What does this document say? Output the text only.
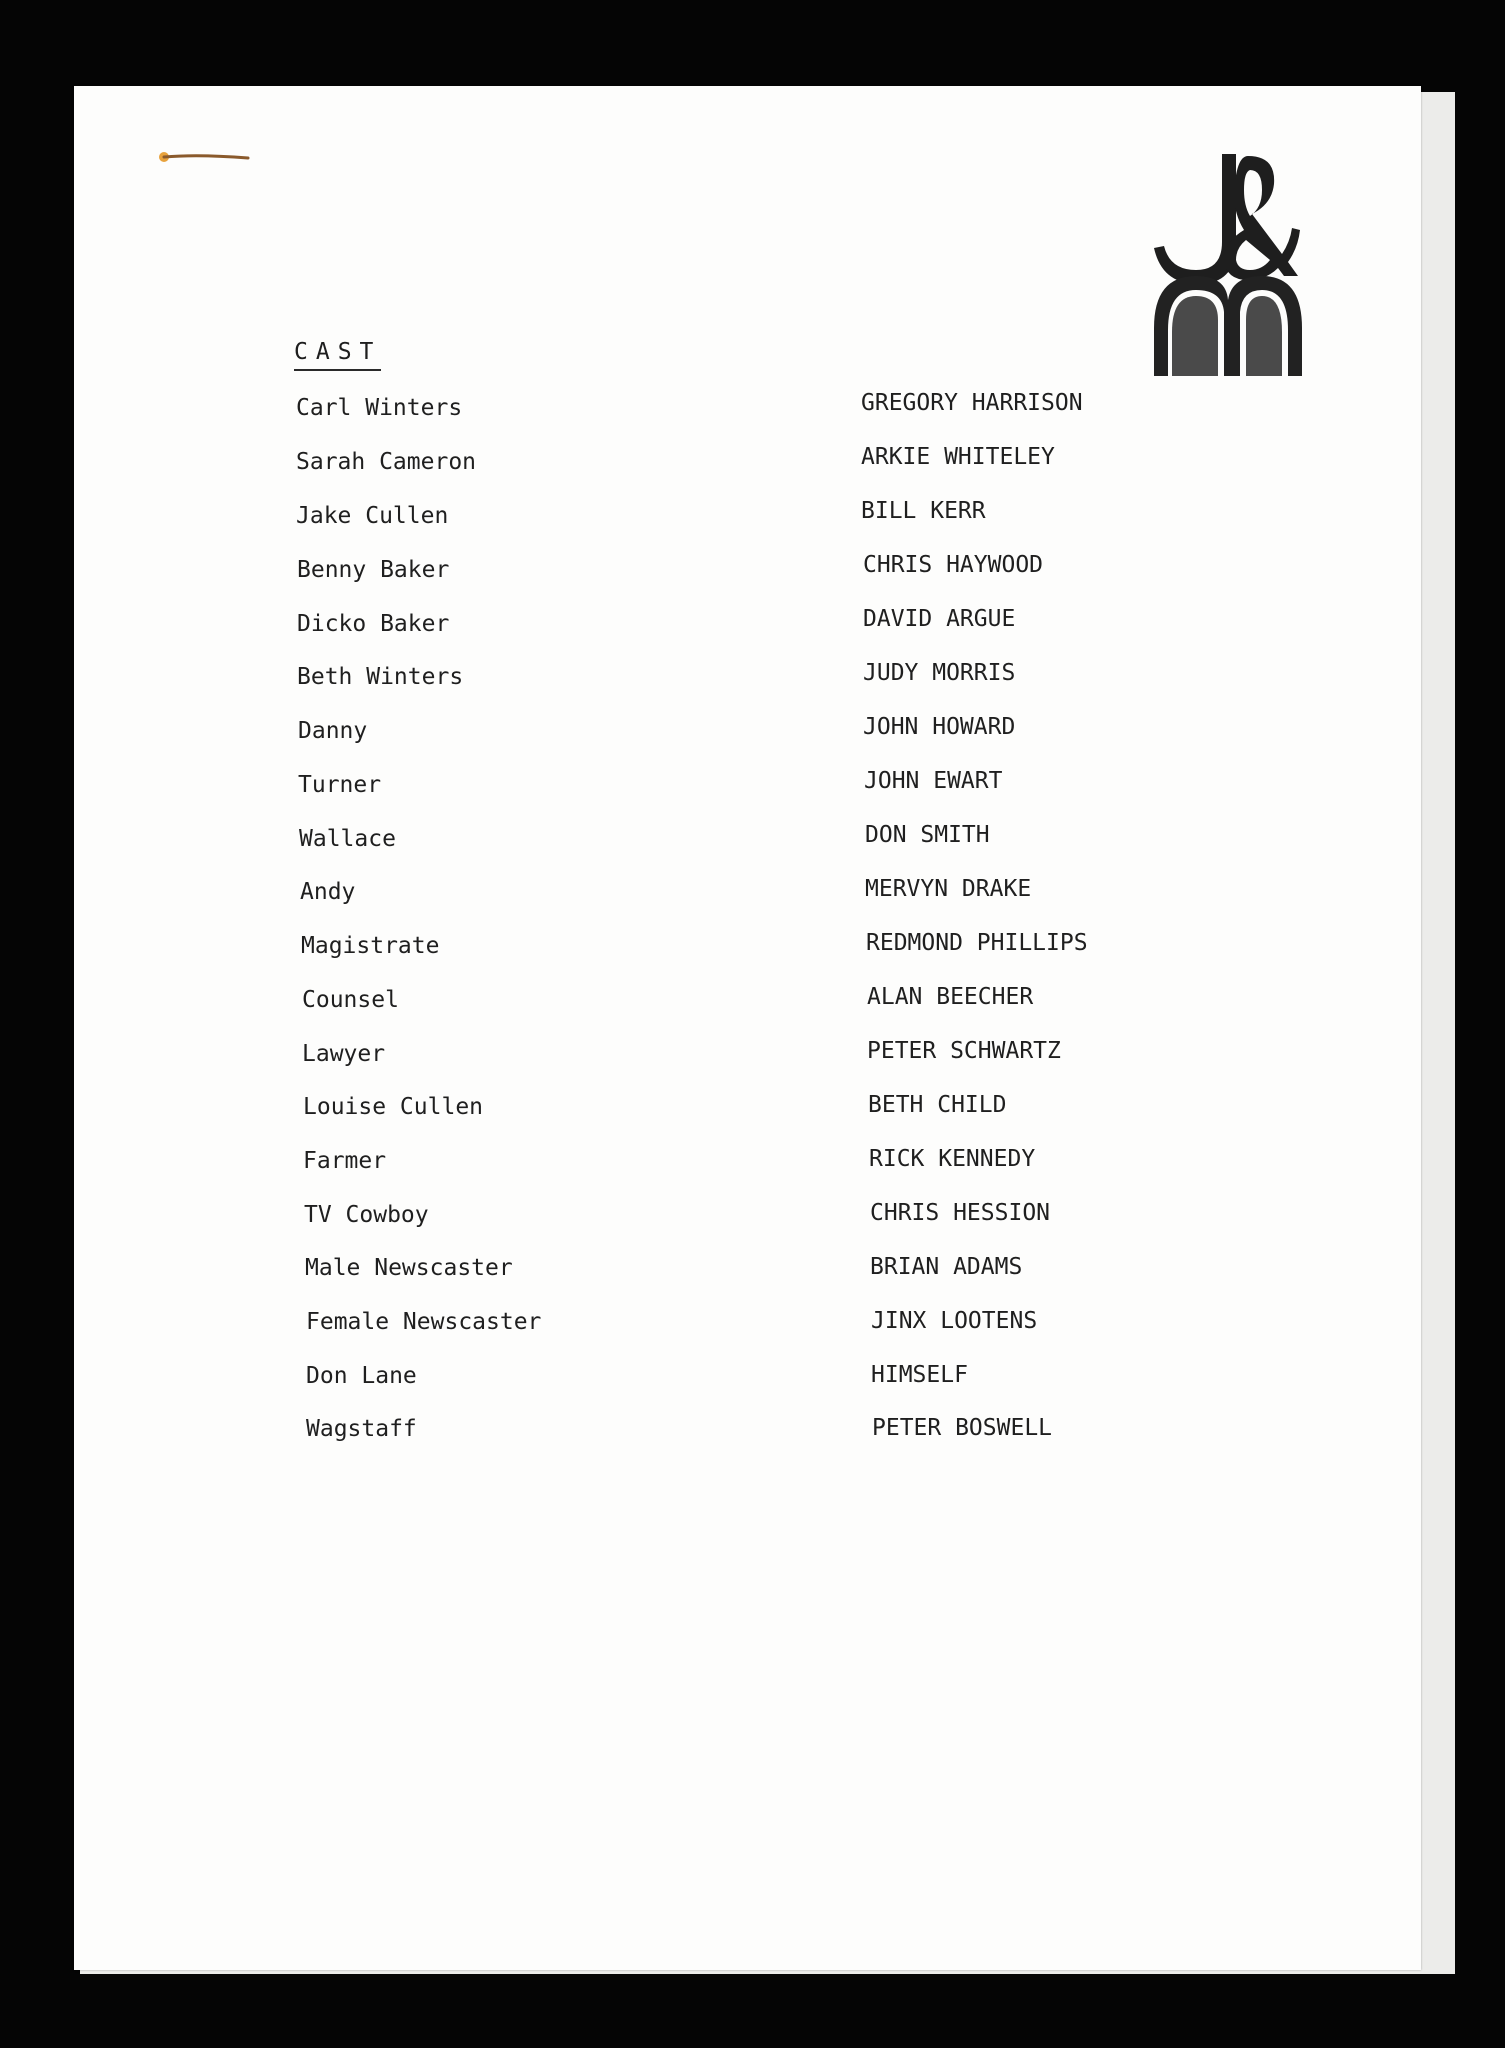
CAST
Carl Winters	GREGORY HARRISON
Sarah Cameron	ARKIE WHITELEY
Jake Cullen	BILL KERR
Benny Baker	CHRIS HAYWOOD
Dicko Baker	DAVID ARGUE
Beth Winters	JUDY MORRIS
Danny	JOHN HOWARD
Turner	JOHN EWART
Wallace	DON SMITH
Andy	MERVYN DRAKE
Magistrate	REDMOND PHILLIPS
Counsel	ALAN BEECHER
Lawyer	PETER SCHWARTZ
Louise Cullen	BETH CHILD
Farmer	RICK KENNEDY
TV Cowboy	CHRIS HESSION
Male Newscaster	BRIAN ADAMS
Female Newscaster	JINX LOOTENS
Don Lane	HIMSELF
Wagstaff	PETER BOSWELL
